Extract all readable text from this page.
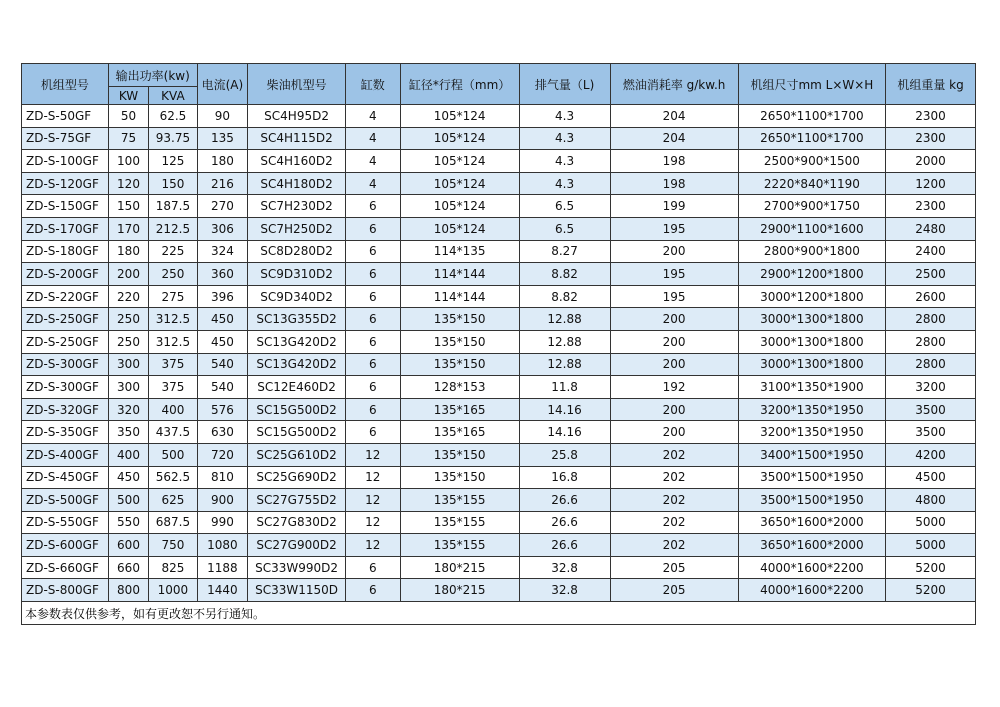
机组型号	输出功率(kw)		电流(A)	柴油机型号	缸数	缸径*行程（mm）	排气量（L)	燃油消耗率 g/kw.h	机组尺寸mm L×W×H	机组重量 kg
	KW	KVA								
ZD-S-50GF	50	62.5	90	SC4H95D2	4	105*124	4.3	204	2650*1100*1700	2300
ZD-S-75GF	75	93.75	135	SC4H115D2	4	105*124	4.3	204	2650*1100*1700	2300
ZD-S-100GF	100	125	180	SC4H160D2	4	105*124	4.3	198	2500*900*1500	2000
ZD-S-120GF	120	150	216	SC4H180D2	4	105*124	4.3	198	2220*840*1190	1200
ZD-S-150GF	150	187.5	270	SC7H230D2	6	105*124	6.5	199	2700*900*1750	2300
ZD-S-170GF	170	212.5	306	SC7H250D2	6	105*124	6.5	195	2900*1100*1600	2480
ZD-S-180GF	180	225	324	SC8D280D2	6	114*135	8.27	200	2800*900*1800	2400
ZD-S-200GF	200	250	360	SC9D310D2	6	114*144	8.82	195	2900*1200*1800	2500
ZD-S-220GF	220	275	396	SC9D340D2	6	114*144	8.82	195	3000*1200*1800	2600
ZD-S-250GF	250	312.5	450	SC13G355D2	6	135*150	12.88	200	3000*1300*1800	2800
ZD-S-250GF	250	312.5	450	SC13G420D2	6	135*150	12.88	200	3000*1300*1800	2800
ZD-S-300GF	300	375	540	SC13G420D2	6	135*150	12.88	200	3000*1300*1800	2800
ZD-S-300GF	300	375	540	SC12E460D2	6	128*153	11.8	192	3100*1350*1900	3200
ZD-S-320GF	320	400	576	SC15G500D2	6	135*165	14.16	200	3200*1350*1950	3500
ZD-S-350GF	350	437.5	630	SC15G500D2	6	135*165	14.16	200	3200*1350*1950	3500
ZD-S-400GF	400	500	720	SC25G610D2	12	135*150	25.8	202	3400*1500*1950	4200
ZD-S-450GF	450	562.5	810	SC25G690D2	12	135*150	16.8	202	3500*1500*1950	4500
ZD-S-500GF	500	625	900	SC27G755D2	12	135*155	26.6	202	3500*1500*1950	4800
ZD-S-550GF	550	687.5	990	SC27G830D2	12	135*155	26.6	202	3650*1600*2000	5000
ZD-S-600GF	600	750	1080	SC27G900D2	12	135*155	26.6	202	3650*1600*2000	5000
ZD-S-660GF	660	825	1188	SC33W990D2	6	180*215	32.8	205	4000*1600*2200	5200
ZD-S-800GF	800	1000	1440	SC33W1150D	6	180*215	32.8	205	4000*1600*2200	5200
本参数表仅供参考，如有更改恕不另行通知。										
